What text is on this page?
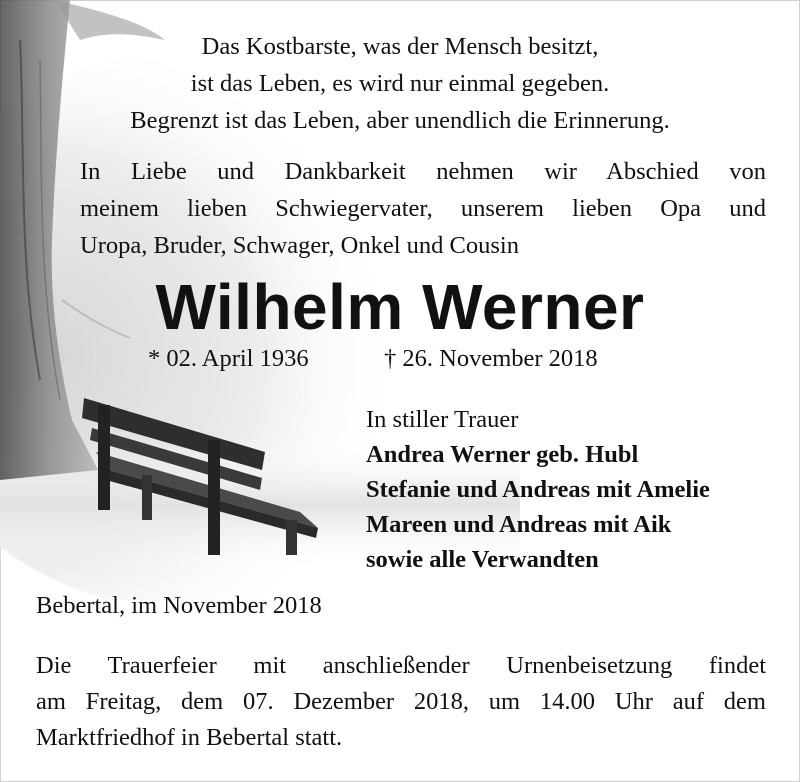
Das Kostbarste, was der Mensch besitzt,
ist das Leben, es wird nur einmal gegeben.
Begrenzt ist das Leben, aber unendlich die Erinnerung.
In Liebe und Dankbarkeit nehmen wir Abschied von
meinem lieben Schwiegervater, unserem lieben Opa und
Uropa, Bruder, Schwager, Onkel und Cousin
Wilhelm Werner
* 02. April 1936	† 26. November 2018
In stiller Trauer
Andrea Werner geb. Hubl
Stefanie und Andreas mit Amelie
Mareen und Andreas mit Aik
sowie alle Verwandten
Bebertal, im November 2018
Die Trauerfeier mit anschließender Urnenbeisetzung findet
am Freitag, dem 07. Dezember 2018, um 14.00 Uhr auf dem
Marktfriedhof in Bebertal statt.
